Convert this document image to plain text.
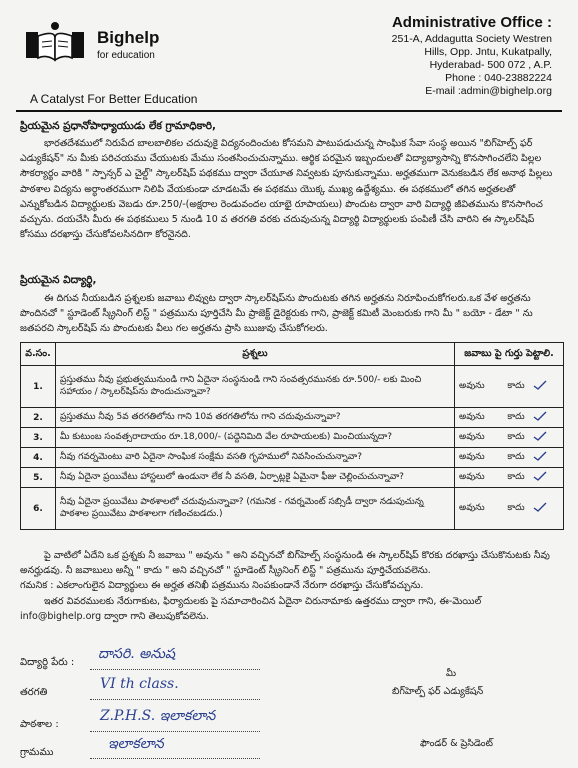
Bighelp
for education
A Catalyst For Better Education
Administrative Office :
251-A, Addagutta Society Westren
Hills, Opp. Jntu, Kukatpally,
Hyderabad- 500 072 , A.P.
Phone : 040-23882224
E-mail :admin@bighelp.org
ప్రియమైన ప్రధానోపాధ్యాయుడు లేక గ్రామాధికారి,

భారతదేశములో నిరుపేద బాలబాలికల చదువుకై విద్యనందించుట కోసమని పాటుపడుచున్న సాంఘిక సేవా సంస్థ అయిన "బిగ్‌హెల్ప్ ఫర్ ఎడ్యుకేషన్" ను మీకు పరిచయము చేయుటకు మేము సంతసించుచున్నాము. ఆర్థిక పరమైన ఇబ్బందులతో విద్యాభ్యాసాన్ని కొనసాగించలేని పిల్లల సౌకర్యార్థం వారికి " స్పాన్సర్ ఎ చైల్డ్" స్కాలర్‌షిప్ పథకము ద్వారా చేయూత నివ్వటకు పూనుకున్నాము. అర్హతముగా వెనుకబడిన లేక అనాథ పిల్లలు పాఠశాల విద్యను అర్ధాంతరముగా నిలిపి వేయకుండా చూడటమే ఈ పథకము యొక్క ముఖ్య ఉద్దేశ్యము. ఈ పథకములో తగిన అర్హతలతో ఎన్నుకోబడిన విద్యార్థులకు వెబడు రూ.250/-(అక్షరాల రెండువందల యాభై రూపాయలు) పొందుట ద్వారా వారి విద్యార్థి జీవితమును కొనసాగించ వచ్చును. దయచేసి మీరు ఈ పథకములు 5 నుండి 10 వ తరగతి వరకు చదువుచున్న విద్యార్థి విద్యార్థులకు పంపిణీ చేసి వారిని ఈ స్కాలర్‌షిప్ కోసము దరఖాస్తు చేసుకోవలసినదిగా కోరనైనది.

ప్రియమైన విద్యార్థి,

ఈ దిగువ నీయబడిన ప్రశ్నలకు జవాబు లివ్వుట ద్వారా స్కాలర్‌షిప్‌ను పొందుటకు తగిన అర్హతను నిరూపించుకోగలరు.ఒక వేళ అర్హతను పొందినచో " స్టూడెంట్ స్క్రీనింగ్ లిస్ట్ " పత్రమును పూర్తిచేసి మీ ప్రాజెక్ట్ డైరెక్టరుకు గాని, ప్రాజెక్ట్ కమిటీ మెంబరుకు గాని మీ " బయో - డేటా " ను జతపరచి స్కాలర్‌షిప్ ను పొందుటకు వీలు గల అర్హతను ప్రాసి ఋజువు చేసుకోగలరు.

వ.సం.	ప్రశ్నలు	జవాబు పై గుర్తు పెట్టాలి.
1.	ప్రస్తుతము నీవు ప్రభుత్వమునుండి గాని ఏదైనా సంస్థనుండి గాని సంవత్సరమునకు రూ.500/- లకు మించి సహాయం / స్కాలర్‌షిప్‌ను పొందుచున్నావా?	అవును కాదు
2.	ప్రస్తుతము నీవు 5వ తరగతిలోను గాని 10వ తరగతిలోను గాని చదువుచున్నావా?	అవును కాదు
3.	మీ కుటుంబ సంవత్సరాదాయం రూ.18,000/- (పద్దెనిమిది వేల రూపాయలకు) మించియున్నదా?	అవును కాదు
4.	నీవు గవర్నమెంటు వారి ఏదైనా సాంఘిక సంక్షేమ వసతి గృహములో నివసించుచున్నావా?	అవును కాదు
5.	నీవు ఏదైనా ప్రయివేటు హాస్టలులో ఉండునా లేక నీ వసతి, ఏర్పాట్లకై ఏమైనా ఫీజు చెల్లించుచున్నావా?	అవును కాదు
6.	నీవు ఏదైనా ప్రయివేటు పాఠశాలలో చదువుచున్నావా? (గమనిక - గవర్నమెంట్ సబ్సిడీ ద్వారా నడుపుచున్న పాఠశాల ప్రయివేటు పాఠశాలగా గణించబడదు.)	అవును కాదు

పై వాటిలో ఏదేని ఒక ప్రశ్నకు నీ జవాబు " అవును " అని వచ్చినచో బిగ్‌హెల్ప్ సంస్థనుండి ఈ స్కాలర్‌షిప్ కొరకు దరఖాస్తు చేసుకొనుటకు నీవు అనర్హుడవు. నీ జవాబులు అన్నీ " కాదు " అని వచ్చినచో " స్టూడెంట్ స్క్రీనింగ్ లిస్ట్ " పత్రమును పూర్తిచేయవలెను.

గమనిక : ఎకలాంగులైన విద్యార్థులు ఈ అర్హత తనిఖీ పత్రమును నింపకుండానే నేరుగా దరఖాస్తు చేసుకోవచ్చును.

ఇతర వివరములకు నేరుగాకుట, ఫిర్యాదులకు పై సమాచారించిన ఏదైనా చిరునామాకు ఉత్తరము ద్వారా గాని, ఈ-మెయిల్

info@bighelp.org ద్వారా గాని తెలుపుకోవలెను.

విద్యార్థి పేరు :
దాసరి. అనుష
తరగతి
VI th class.
పాఠశాల :
Z.P.H.S. ఇలాకలాన
గ్రామము
ఇలాకలాన
మీ
బిగ్‌హెల్ప్ ఫర్ ఎడ్యుకేషన్
ఫౌండర్ & ప్రెసిడెంట్
